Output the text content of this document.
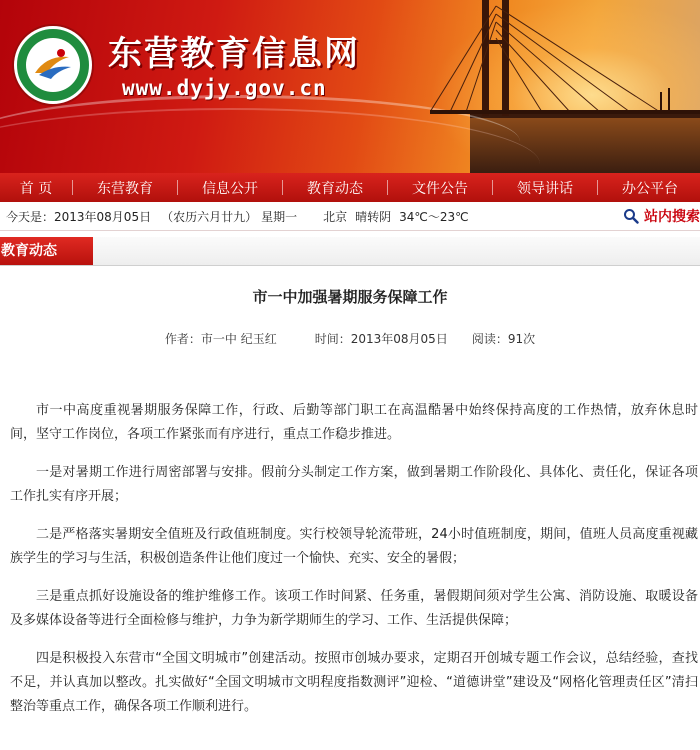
东营教育信息网
www.dyjy.gov.cn
首 页	东营教育	信息公开	教育动态	文件公告	领导讲话	办公平台
今天是：2013年08月05日 （农历六月廿九） 星期一 北京 晴转阴 34℃～23℃	站内搜索
教育动态
市一中加强暑期服务保障工作
作者：市一中 纪玉红	时间：2013年08月05日 阅读：91次

市一中高度重视暑期服务保障工作，行政、后勤等部门职工在高温酷暑中始终保持高度的工作热情，放弃休息时间，坚守工作岗位，各项工作紧张而有序进行，重点工作稳步推进。

一是对暑期工作进行周密部署与安排。假前分头制定工作方案，做到暑期工作阶段化、具体化、责任化，保证各项工作扎实有序开展；

二是严格落实暑期安全值班及行政值班制度。实行校领导轮流带班，24小时值班制度，期间，值班人员高度重视藏族学生的学习与生活，积极创造条件让他们度过一个愉快、充实、安全的暑假；

三是重点抓好设施设备的维护维修工作。该项工作时间紧、任务重，暑假期间须对学生公寓、消防设施、取暖设备及多媒体设备等进行全面检修与维护，力争为新学期师生的学习、工作、生活提供保障；

四是积极投入东营市“全国文明城市”创建活动。按照市创城办要求，定期召开创城专题工作会议，总结经验，查找不足，并认真加以整改。扎实做好“全国文明城市文明程度指数测评”迎检、“道德讲堂”建设及“网格化管理责任区”清扫整治等重点工作，确保各项工作顺利进行。
